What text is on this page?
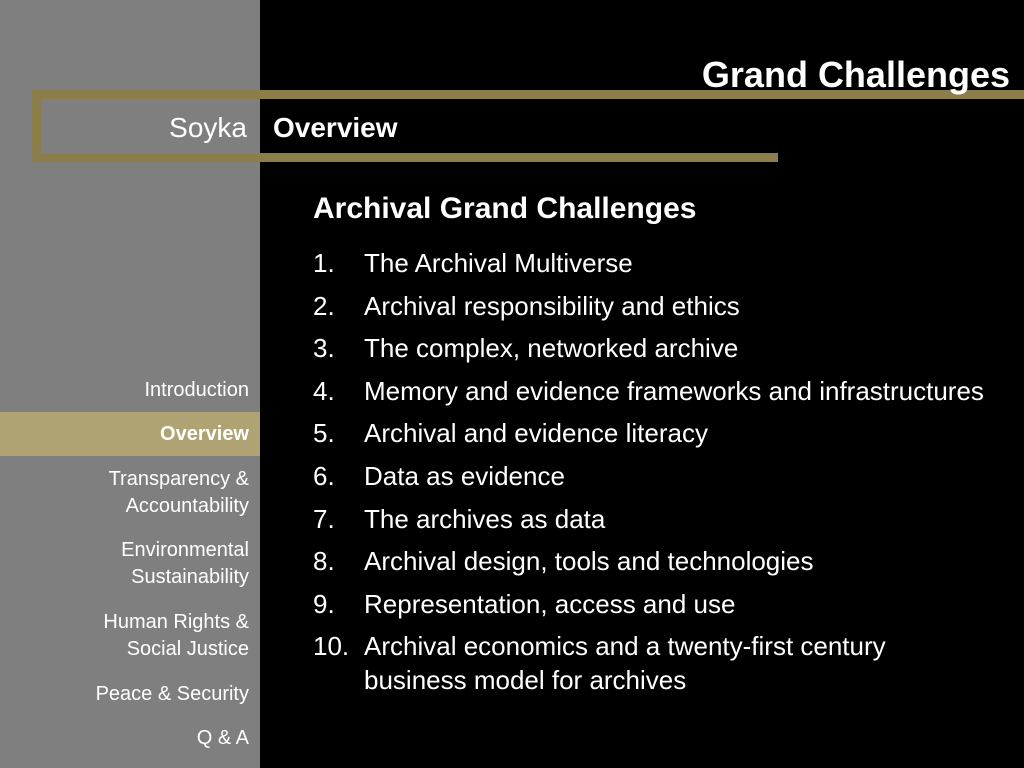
Grand Challenges
Soyka Overview
Archival Grand Challenges
1. The Archival Multiverse
2. Archival responsibility and ethics
3. The complex, networked archive
4. Memory and evidence frameworks and infrastructures
5. Archival and evidence literacy
6. Data as evidence
7. The archives as data
8. Archival design, tools and technologies
9. Representation, access and use
10. Archival economics and a twenty-first century business model for archives
Introduction
Overview
Transparency & Accountability
Environmental Sustainability
Human Rights & Social Justice
Peace & Security
Q & A
